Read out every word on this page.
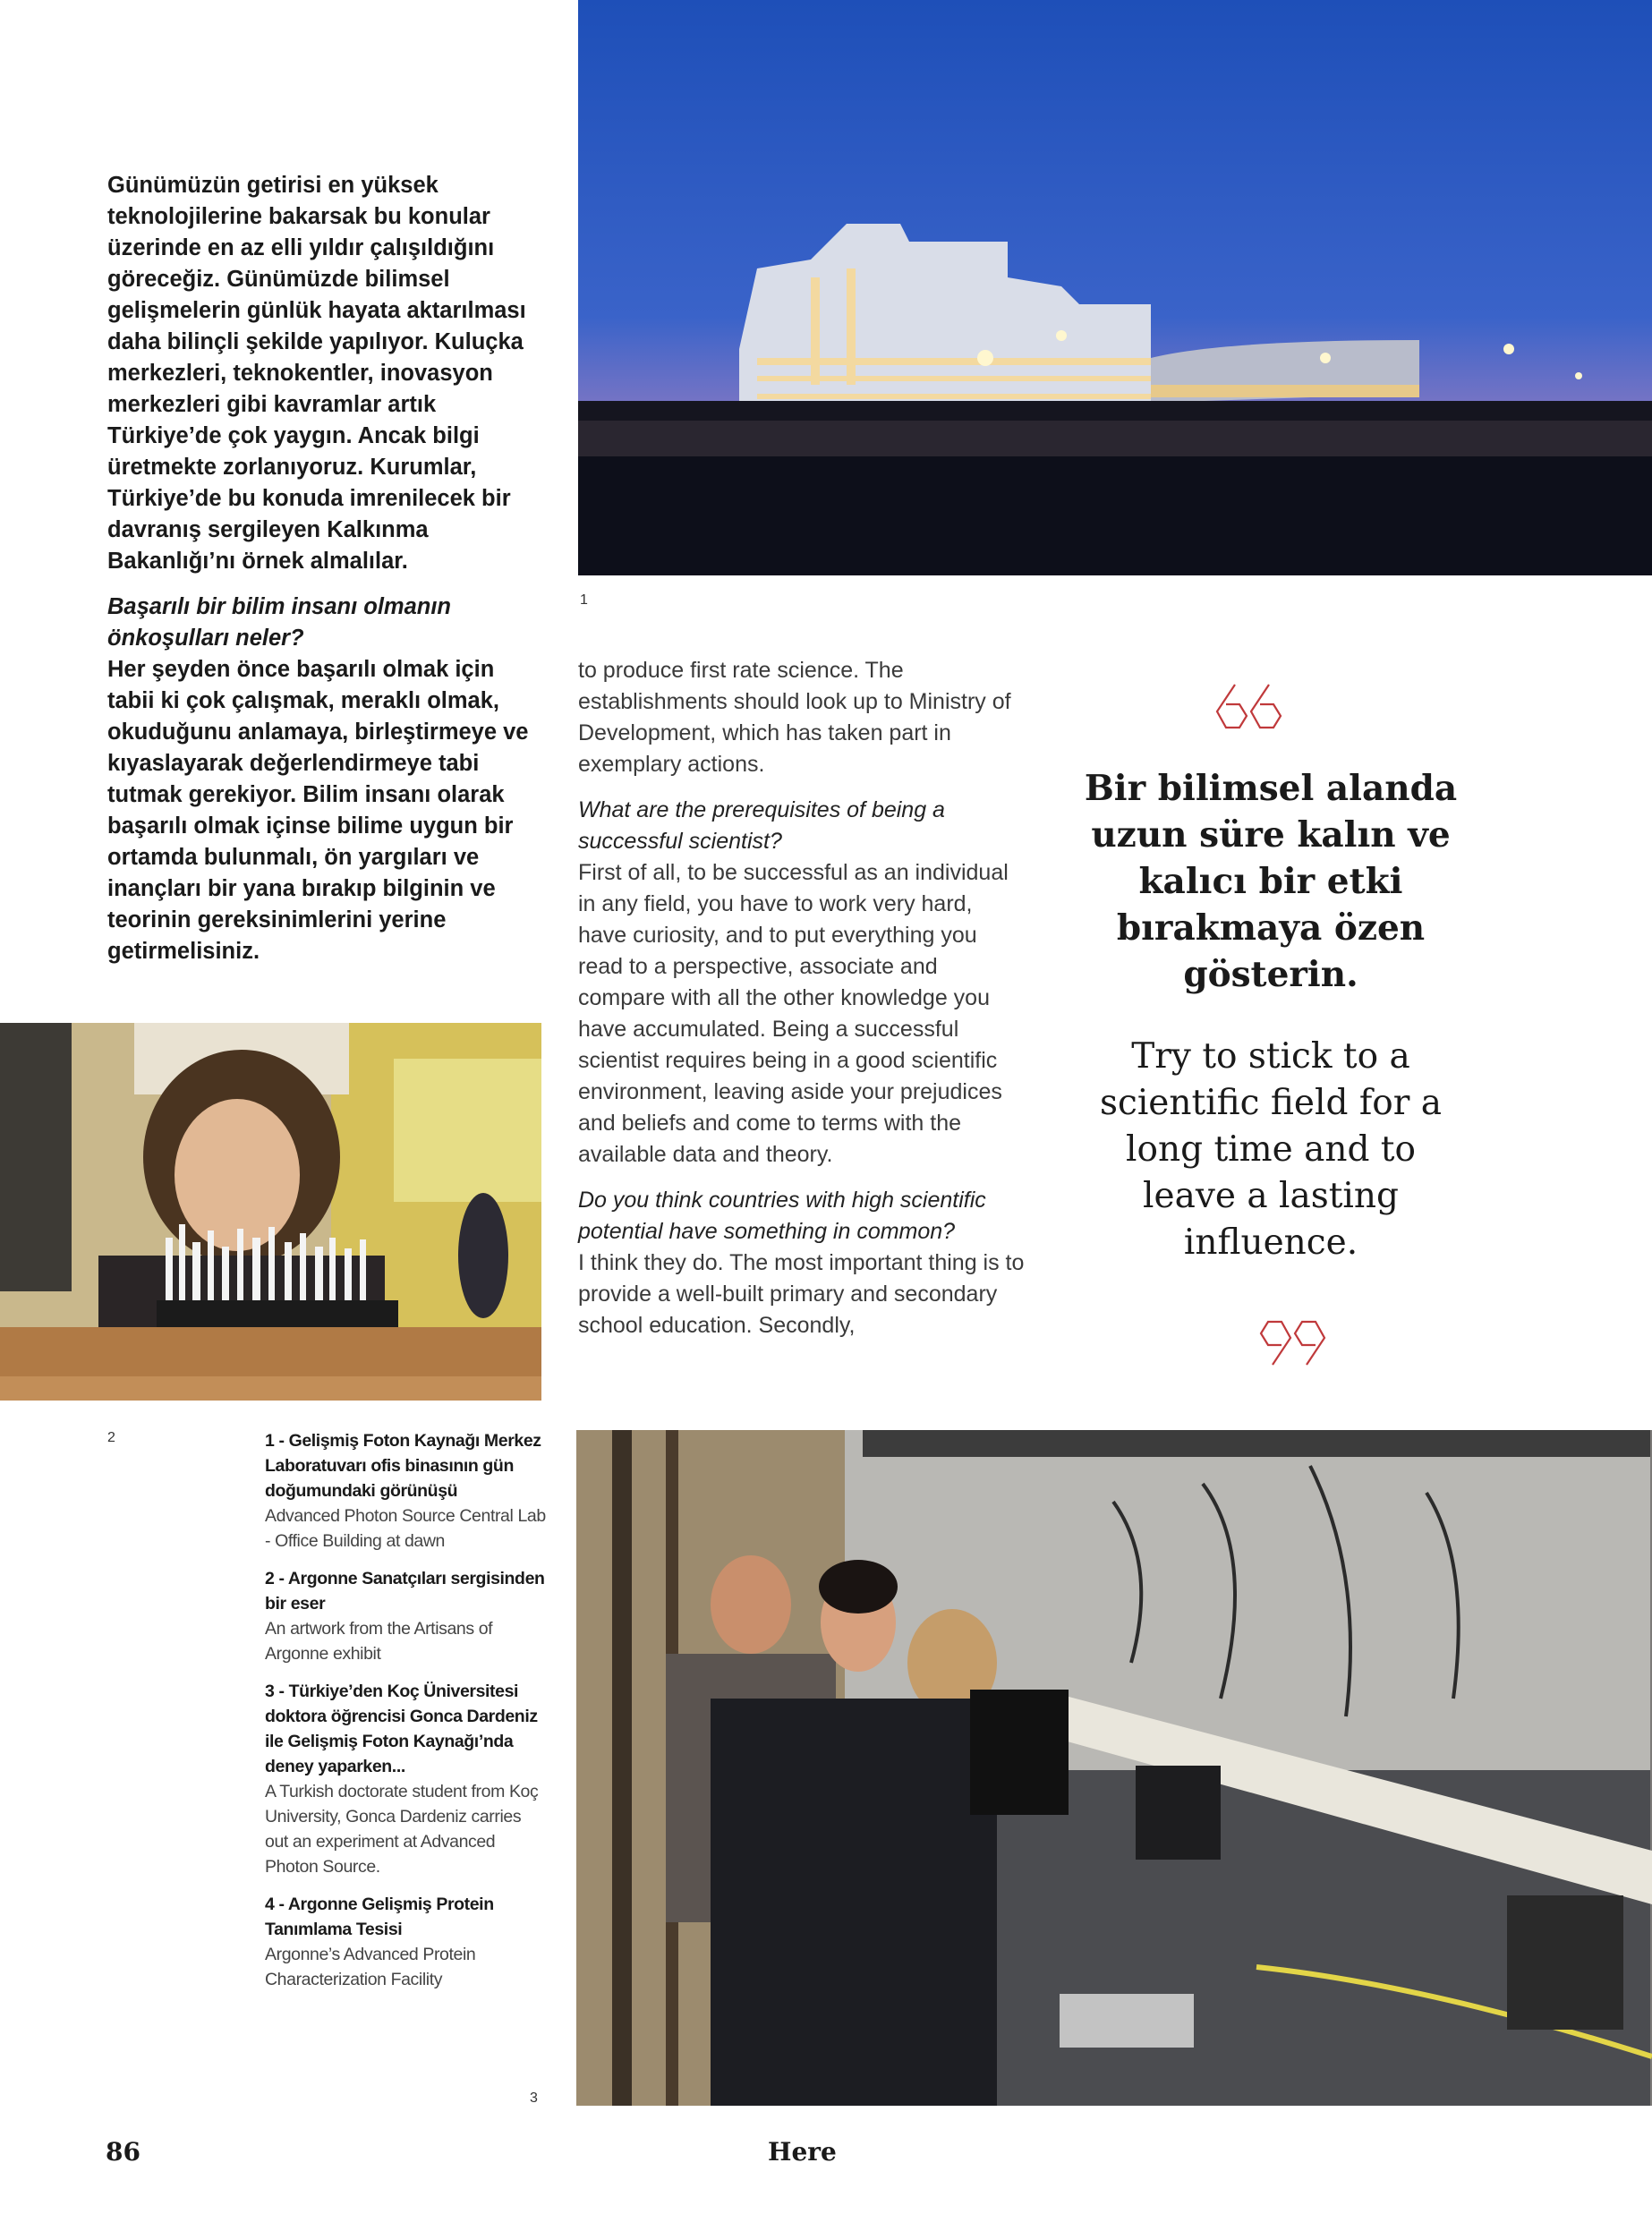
1

Günümüzün getirisi en yüksek teknolojilerine bakarsak bu konular üzerinde en az elli yıldır çalışıldığını göreceğiz. Günümüzde bilimsel gelişmelerin günlük hayata aktarılması daha bilinçli şekilde yapılıyor. Kuluçka merkezleri, teknokentler, inovasyon merkezleri gibi kavramlar artık Türkiye’de çok yaygın. Ancak bilgi üretmekte zorlanıyoruz. Kurumlar, Türkiye’de bu konuda imrenilecek bir davranış sergileyen Kalkınma Bakanlığı’nı örnek almalılar.

Başarılı bir bilim insanı olmanın önkoşulları neler?

Her şeyden önce başarılı olmak için tabii ki çok çalışmak, meraklı olmak, okuduğunu anlamaya, birleştirmeye ve kıyaslayarak değerlendirmeye tabi tutmak gerekiyor. Bilim insanı olarak başarılı olmak içinse bilime uygun bir ortamda bulunmalı, ön yargıları ve inançları bir yana bırakıp bilginin ve teorinin gereksinimlerini yerine getirmelisiniz.

2

to produce first rate science. The establishments should look up to Ministry of Development, which has taken part in exemplary actions.

What are the prerequisites of being a successful scientist?

First of all, to be successful as an individual in any field, you have to work very hard, have curiosity, and to put everything you read to a perspective, associate and compare with all the other knowledge you have accumulated. Being a successful scientist requires being in a good scientific environment, leaving aside your prejudices and beliefs and come to terms with the available data and theory.

Do you think countries with high scientific potential have something in common?

I think they do. The most important thing is to provide a well-built primary and secondary school education. Secondly,

Bir bilimsel alanda uzun süre kalın ve kalıcı bir etki bırakmaya özen gösterin.
Try to stick to a scientific field for a long time and to leave a lasting influence.
1 - Gelişmiş Foton Kaynağı Merkez Laboratuvarı ofis binasının gün doğumundaki görünüşü
Advanced Photon Source Central Lab - Office Building at dawn
2 - Argonne Sanatçıları sergisinden bir eser
An artwork from the Artisans of Argonne exhibit
3 - Türkiye’den Koç Üniversitesi doktora öğrencisi Gonca Dardeniz ile Gelişmiş Foton Kaynağı’nda deney yaparken...
A Turkish doctorate student from Koç University, Gonca Dardeniz carries out an experiment at Advanced Photon Source.
4 - Argonne Gelişmiş Protein Tanımlama Tesisi
Argonne’s Advanced Protein Characterization Facility
3
86	Here
